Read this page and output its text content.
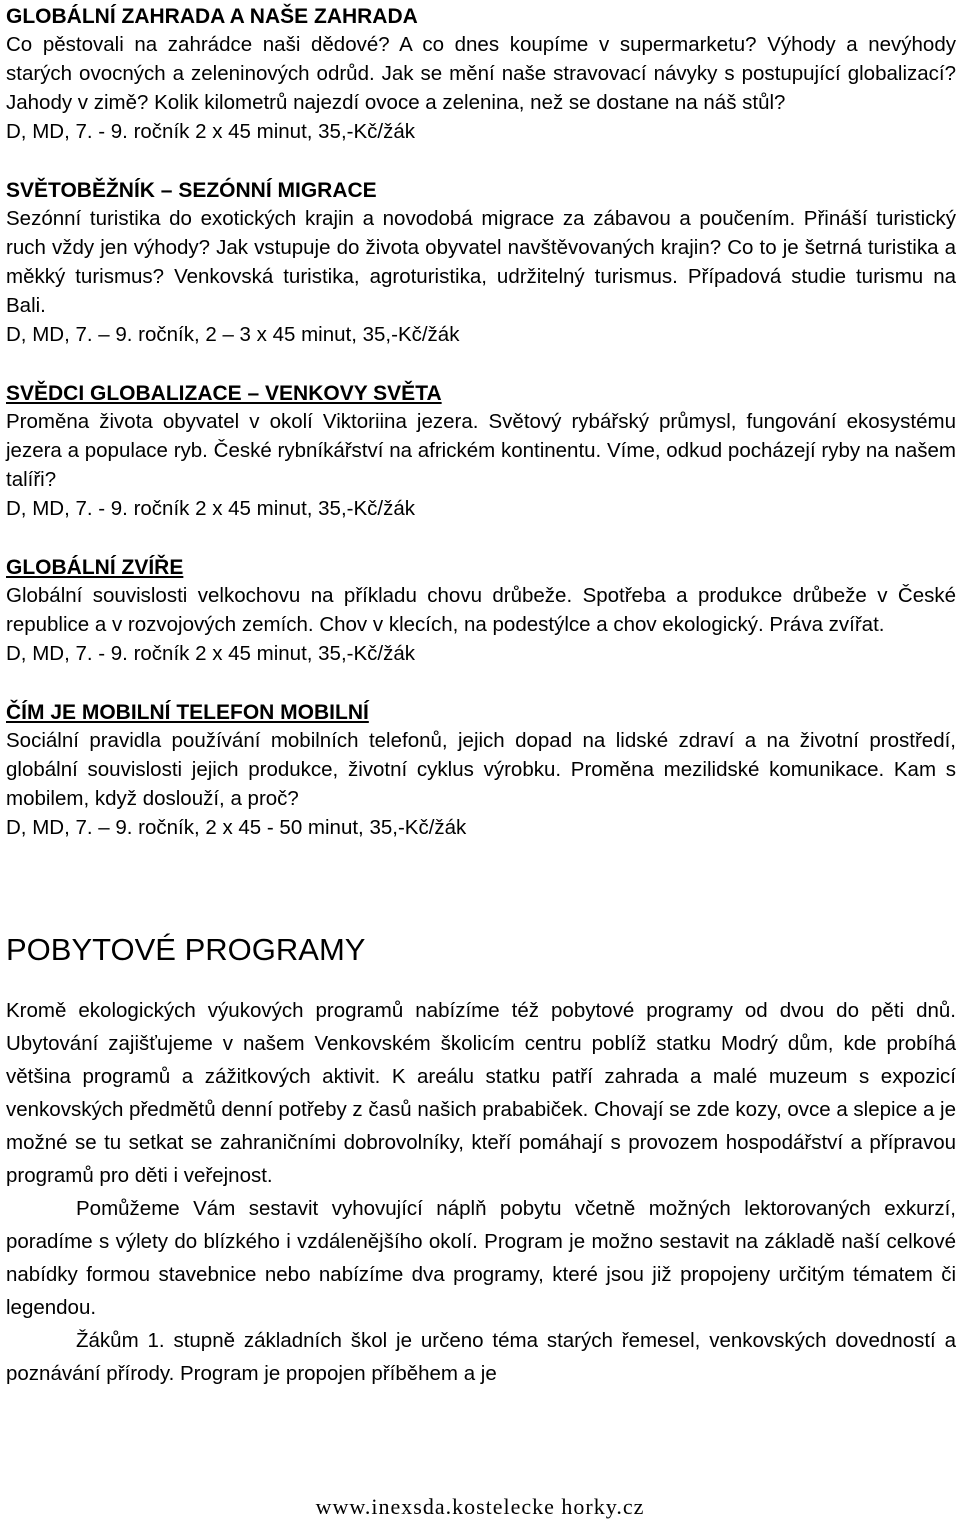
GLOBÁLNÍ ZAHRADA A NAŠE ZAHRADA

Co pěstovali na zahrádce naši dědové? A co dnes koupíme v supermarketu? Výhody a nevýhody starých ovocných a zeleninových odrůd. Jak se mění naše stravovací návyky s postupující globalizací? Jahody v zimě? Kolik kilometrů najezdí ovoce a zelenina, než se dostane na náš stůl?

D, MD, 7. - 9. ročník 2 x 45 minut, 35,-Kč/žák

SVĚTOBĚŽNÍK – SEZÓNNÍ MIGRACE

Sezónní turistika do exotických krajin a novodobá migrace za zábavou a poučením. Přináší turistický ruch vždy jen výhody? Jak vstupuje do života obyvatel navštěvovaných krajin? Co to je šetrná turistika a měkký turismus? Venkovská turistika, agroturistika, udržitelný turismus. Případová studie turismu na Bali.

D, MD, 7. – 9. ročník, 2 – 3 x 45 minut, 35,-Kč/žák

SVĚDCI GLOBALIZACE – VENKOVY SVĚTA

Proměna života obyvatel v okolí Viktoriina jezera. Světový rybářský průmysl, fungování ekosystému jezera a populace ryb. České rybníkářství na africkém kontinentu. Víme, odkud pocházejí ryby na našem talíři?

D, MD, 7. - 9. ročník 2 x 45 minut, 35,-Kč/žák

GLOBÁLNÍ ZVÍŘE

Globální souvislosti velkochovu na příkladu chovu drůbeže. Spotřeba a produkce drůbeže v České republice a v rozvojových zemích. Chov v klecích, na podestýlce a chov ekologický. Práva zvířat.

D, MD, 7. - 9. ročník 2 x 45 minut, 35,-Kč/žák

ČÍM JE MOBILNÍ TELEFON MOBILNÍ

Sociální pravidla používání mobilních telefonů, jejich dopad na lidské zdraví a na životní prostředí, globální souvislosti jejich produkce, životní cyklus výrobku. Proměna mezilidské komunikace. Kam s mobilem, když doslouží, a proč?

D, MD, 7. – 9. ročník, 2 x 45 - 50 minut, 35,-Kč/žák

POBYTOVÉ PROGRAMY

Kromě ekologických výukových programů nabízíme též pobytové programy od dvou do pěti dnů. Ubytování zajišťujeme v našem Venkovském školicím centru poblíž statku Modrý dům, kde probíhá většina programů a zážitkových aktivit. K areálu statku patří zahrada a malé muzeum s expozicí venkovských předmětů denní potřeby z časů našich prababiček. Chovají se zde kozy, ovce a slepice a je možné se tu setkat se zahraničními dobrovolníky, kteří pomáhají s provozem hospodářství a přípravou programů pro děti i veřejnost.

Pomůžeme Vám sestavit vyhovující náplň pobytu včetně možných lektorovaných exkurzí, poradíme s výlety do blízkého i vzdálenějšího okolí. Program je možno sestavit na základě naší celkové nabídky formou stavebnice nebo nabízíme dva programy, které jsou již propojeny určitým tématem či legendou.

Žákům 1. stupně základních škol je určeno téma starých řemesel, venkovských dovedností a poznávání přírody. Program je propojen příběhem a je

www.inexsda.kostelecke horky.cz
